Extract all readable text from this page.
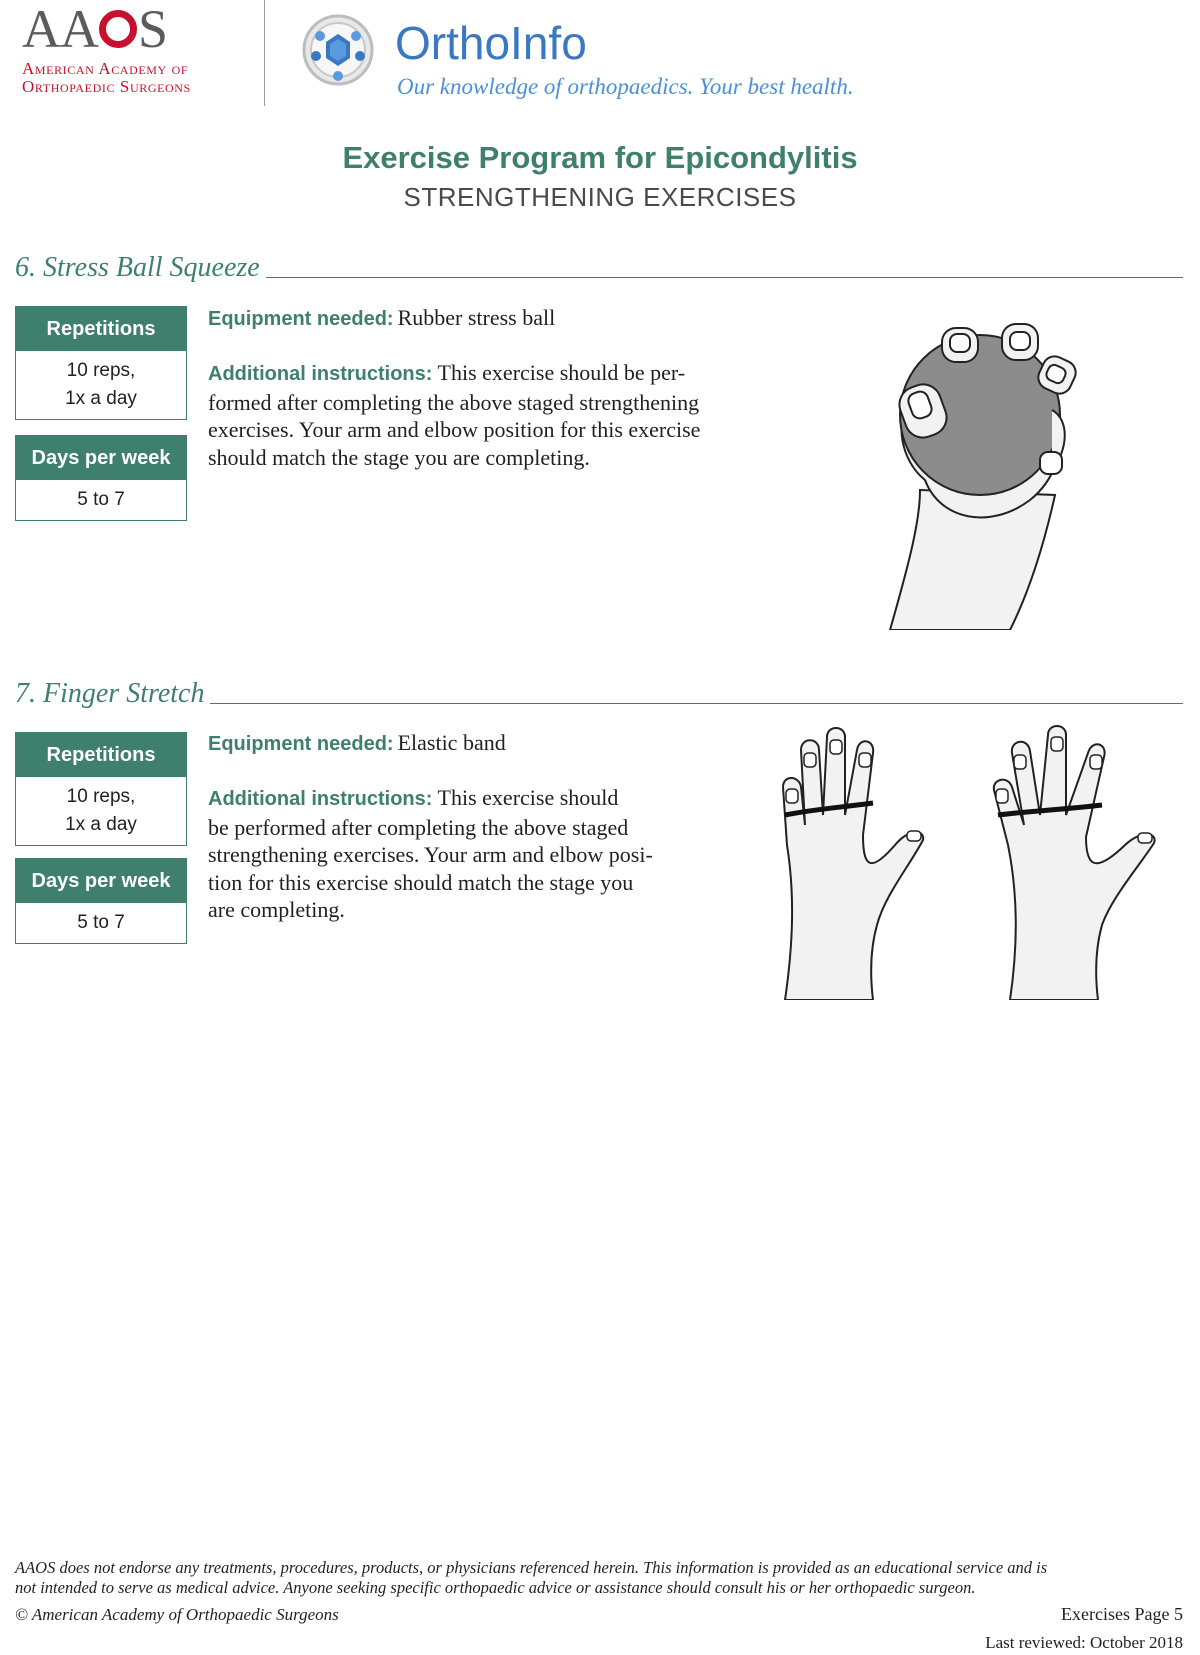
AA S
American Academy of
Orthopaedic Surgeons
OrthoInfo
Our knowledge of orthopaedics. Your best health.
Exercise Program for Epicondylitis
STRENGTHENING EXERCISES
6. Stress Ball Squeeze
Repetitions
10 reps,
1x a day
Days per week
5 to 7
Equipment needed: Rubber stress ball
Additional instructions: This exercise should be per-
formed after completing the above staged strengthening
exercises. Your arm and elbow position for this exercise
should match the stage you are completing.
7. Finger Stretch
Repetitions
10 reps,
1x a day
Days per week
5 to 7
Equipment needed: Elastic band
Additional instructions: This exercise should
be performed after completing the above staged
strengthening exercises. Your arm and elbow posi-
tion for this exercise should match the stage you
are completing.
AAOS does not endorse any treatments, procedures, products, or physicians referenced herein. This information is provided as an educational service and is
not intended to serve as medical advice. Anyone seeking specific orthopaedic advice or assistance should consult his or her orthopaedic surgeon.
© American Academy of Orthopaedic Surgeons	Exercises Page 5
Last reviewed: October 2018
